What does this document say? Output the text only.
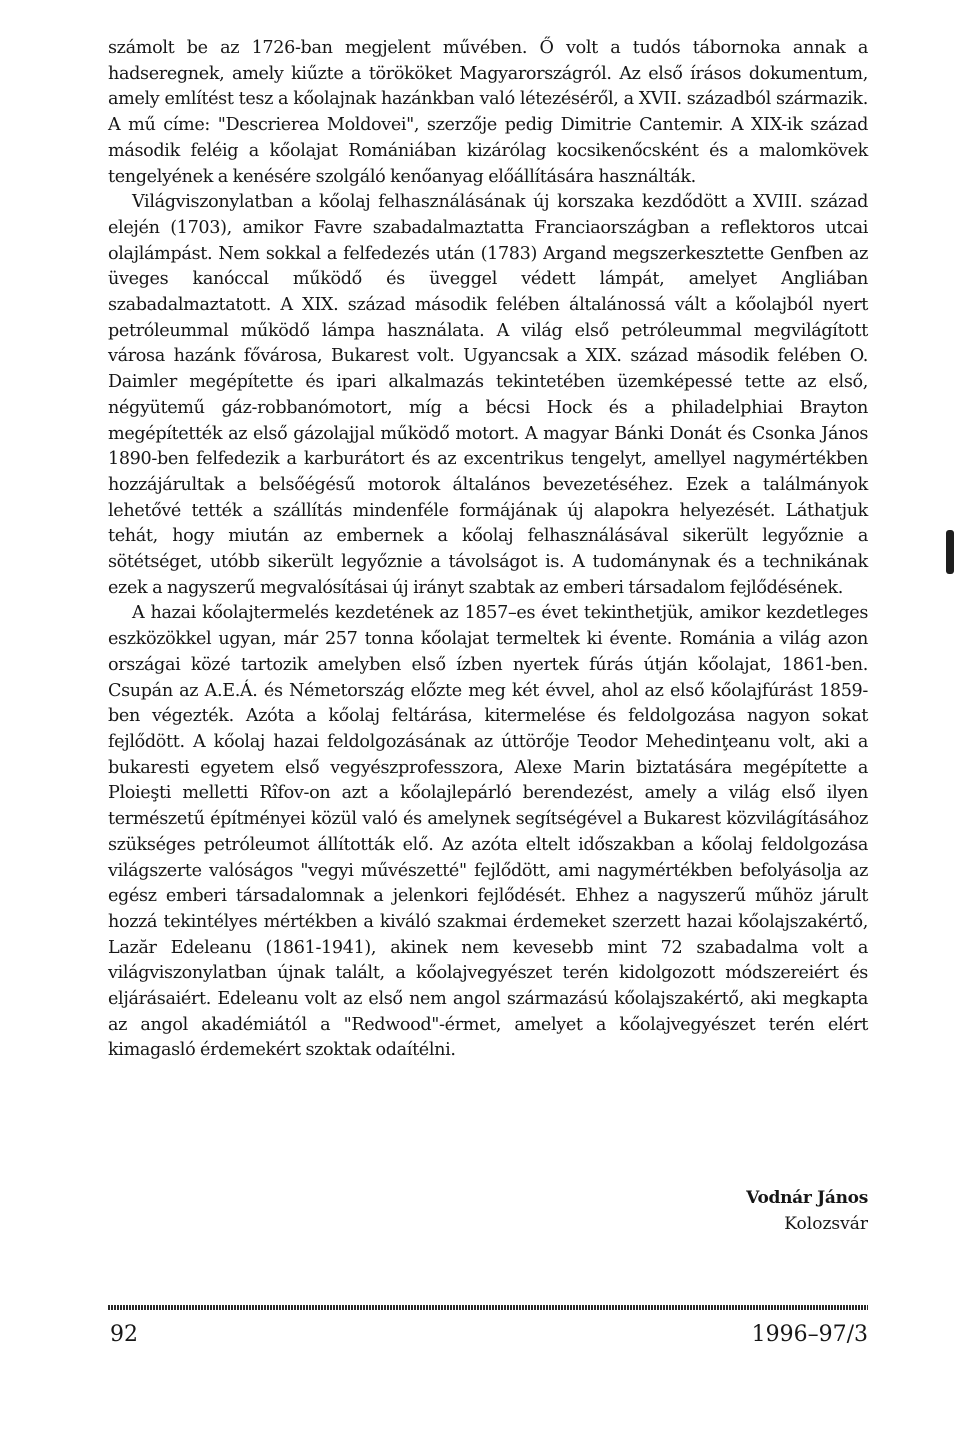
számolt be az 1726-ban megjelent művében. Ő volt a tudós tábornoka annak a hadseregnek, amely kiűzte a törököket Magyarországról. Az első írásos dokumentum, amely említést tesz a kőolajnak hazánkban való létezéséről, a XVII. századból származik. A mű címe: "Descrierea Moldovei", szerzője pedig Dimitrie Cantemir. A XIX-ik század második feléig a kőolajat Romániában kizárólag kocsikenőcsként és a malomkövek tengelyének a kenésére szolgáló kenőanyag előállítására használták.

Világviszonylatban a kőolaj felhasználásának új korszaka kezdődött a XVIII. század elején (1703), amikor Favre szabadalmaztatta Franciaországban a reflektoros utcai olajlámpást. Nem sokkal a felfedezés után (1783) Argand megszerkesztette Genfben az üveges kanóccal működő és üveggel védett lámpát, amelyet Angliában szabadalmaztatott. A XIX. század második felében általánossá vált a kőolajból nyert petróleummal működő lámpa használata. A világ első petróleummal megvilágított városa hazánk fővárosa, Bukarest volt. Ugyancsak a XIX. század második felében O. Daimler megépítette és ipari alkalmazás tekintetében üzemképessé tette az első, négyütemű gáz-robbanómotort, míg a bécsi Hock és a philadelphiai Brayton megépítették az első gázolajjal működő motort. A magyar Bánki Donát és Csonka János 1890-ben felfedezik a karburátort és az excentrikus tengelyt, amellyel nagymértékben hozzájárultak a belsőégésű motorok általános bevezetéséhez. Ezek a találmányok lehetővé tették a szállítás mindenféle formájának új alapokra helyezését. Láthatjuk tehát, hogy miután az embernek a kőolaj felhasználásával sikerült legyőznie a sötétséget, utóbb sikerült legyőznie a távolságot is. A tudománynak és a technikának ezek a nagyszerű megvalósításai új irányt szabtak az emberi társadalom fejlődésének.

A hazai kőolajtermelés kezdetének az 1857–es évet tekinthetjük, amikor kezdetleges eszközökkel ugyan, már 257 tonna kőolajat termeltek ki évente. Románia a világ azon országai közé tartozik amelyben első ízben nyertek fúrás útján kőolajat, 1861-ben. Csupán az A.E.Á. és Németország előzte meg két évvel, ahol az első kőolajfúrást 1859-ben végezték. Azóta a kőolaj feltárása, kitermelése és feldolgozása nagyon sokat fejlődött. A kőolaj hazai feldolgozásának az úttörője Teodor Mehedinţeanu volt, aki a bukaresti egyetem első vegyészprofesszora, Alexe Marin biztatására megépítette a Ploieşti melletti Rîfov-on azt a kőolajlepárló berendezést, amely a világ első ilyen természetű építményei közül való és amelynek segítségével a Bukarest közvilágításához szükséges petróleumot állították elő. Az azóta eltelt időszakban a kőolaj feldolgozása világszerte valóságos "vegyi művészetté" fejlődött, ami nagymértékben befolyásolja az egész emberi társadalomnak a jelenkori fejlődését. Ehhez a nagyszerű műhöz járult hozzá tekintélyes mértékben a kiváló szakmai érdemeket szerzett hazai kőolajszakértő, Lazăr Edeleanu (1861-1941), akinek nem kevesebb mint 72 szabadalma volt a világviszonylatban újnak talált, a kőolajvegyészet terén kidolgozott módszereiért és eljárásaiért. Edeleanu volt az első nem angol származású kőolajszakértő, aki megkapta az angol akadémiától a "Redwood"-érmet, amelyet a kőolajvegyészet terén elért kimagasló érdemekért szoktak odaítélni.

Vodnár János
Kolozsvár
92	1996–97/3
